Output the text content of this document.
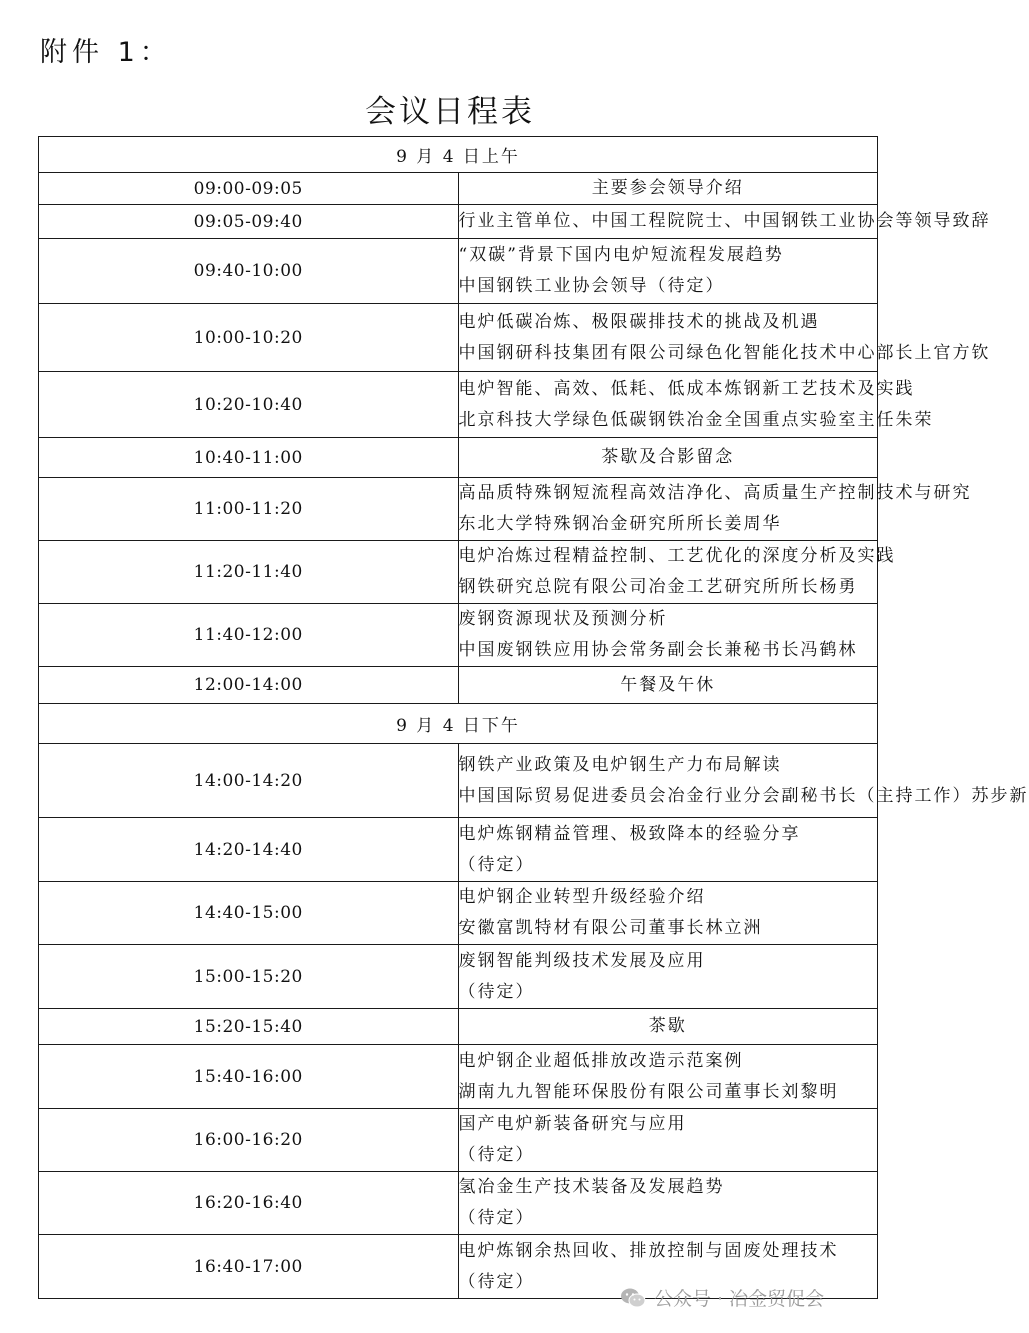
附件 1：
会议日程表
9 月 4 日上午	
09:00-09:05	主要参会领导介绍

09:05-09:40	行业主管单位、中国工程院院士、中国钢铁工业协会等领导致辞

09:40-10:00	“双碳”背景下国内电炉短流程发展趋势
中国钢铁工业协会领导（待定）

10:00-10:20	电炉低碳冶炼、极限碳排技术的挑战及机遇
中国钢研科技集团有限公司绿色化智能化技术中心部长上官方钦

10:20-10:40	电炉智能、高效、低耗、低成本炼钢新工艺技术及实践
北京科技大学绿色低碳钢铁冶金全国重点实验室主任朱荣

10:40-11:00	茶歇及合影留念

11:00-11:20	高品质特殊钢短流程高效洁净化、高质量生产控制技术与研究
东北大学特殊钢冶金研究所所长姜周华

11:20-11:40	电炉冶炼过程精益控制、工艺优化的深度分析及实践
钢铁研究总院有限公司冶金工艺研究所所长杨勇

11:40-12:00	废钢资源现状及预测分析
中国废钢铁应用协会常务副会长兼秘书长冯鹤林

12:00-14:00	午餐及午休

9 月 4 日下午	
14:00-14:20	钢铁产业政策及电炉钢生产力布局解读
中国国际贸易促进委员会冶金行业分会副秘书长（主持工作）苏步新

14:20-14:40	电炉炼钢精益管理、极致降本的经验分享
（待定）

14:40-15:00	电炉钢企业转型升级经验介绍
安徽富凯特材有限公司董事长林立洲

15:00-15:20	废钢智能判级技术发展及应用
（待定）

15:20-15:40	茶歇

15:40-16:00	电炉钢企业超低排放改造示范案例
湖南九九智能环保股份有限公司董事长刘黎明

16:00-16:20	国产电炉新装备研究与应用
（待定）

16:20-16:40	氢冶金生产技术装备及发展趋势
（待定）

16:40-17:00	电炉炼钢余热回收、排放控制与固废处理技术
（待定）
公众号 · 冶金贸促会
